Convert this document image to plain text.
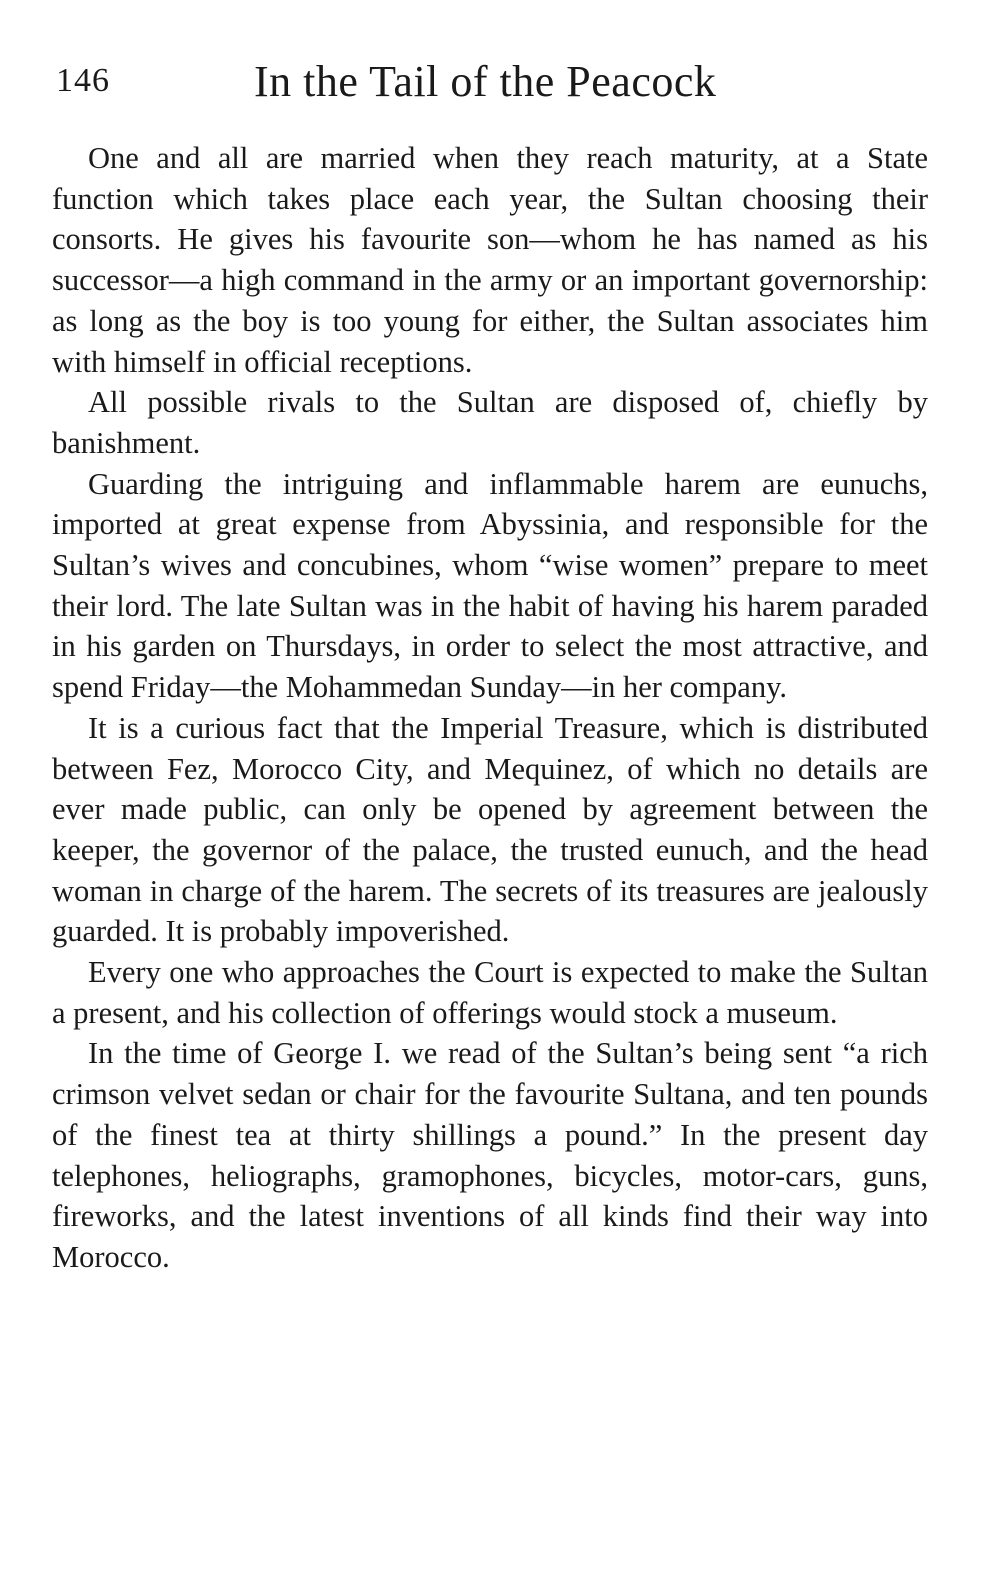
146	In the Tail of the Peacock

One and all are married when they reach maturity, at a State function which takes place each year, the Sultan choosing their consorts. He gives his favourite son—whom he has named as his successor—a high command in the army or an important governorship: as long as the boy is too young for either, the Sultan associates him with himself in official receptions.

All possible rivals to the Sultan are disposed of, chiefly by banishment.

Guarding the intriguing and inflammable harem are eunuchs, imported at great expense from Abyssinia, and responsible for the Sultan’s wives and concubines, whom “wise women” prepare to meet their lord. The late Sultan was in the habit of having his harem paraded in his garden on Thursdays, in order to select the most attractive, and spend Friday—the Mohammedan Sunday—in her company.

It is a curious fact that the Imperial Treasure, which is distributed between Fez, Morocco City, and Mequinez, of which no details are ever made public, can only be opened by agreement between the keeper, the governor of the palace, the trusted eunuch, and the head woman in charge of the harem. The secrets of its treasures are jealously guarded. It is probably impoverished.

Every one who approaches the Court is expected to make the Sultan a present, and his collection of offerings would stock a museum.

In the time of George I. we read of the Sultan’s being sent “a rich crimson velvet sedan or chair for the favourite Sultana, and ten pounds of the finest tea at thirty shillings a pound.” In the present day telephones, heliographs, gramophones, bicycles, motor-cars, guns, fireworks, and the latest inventions of all kinds find their way into Morocco.
